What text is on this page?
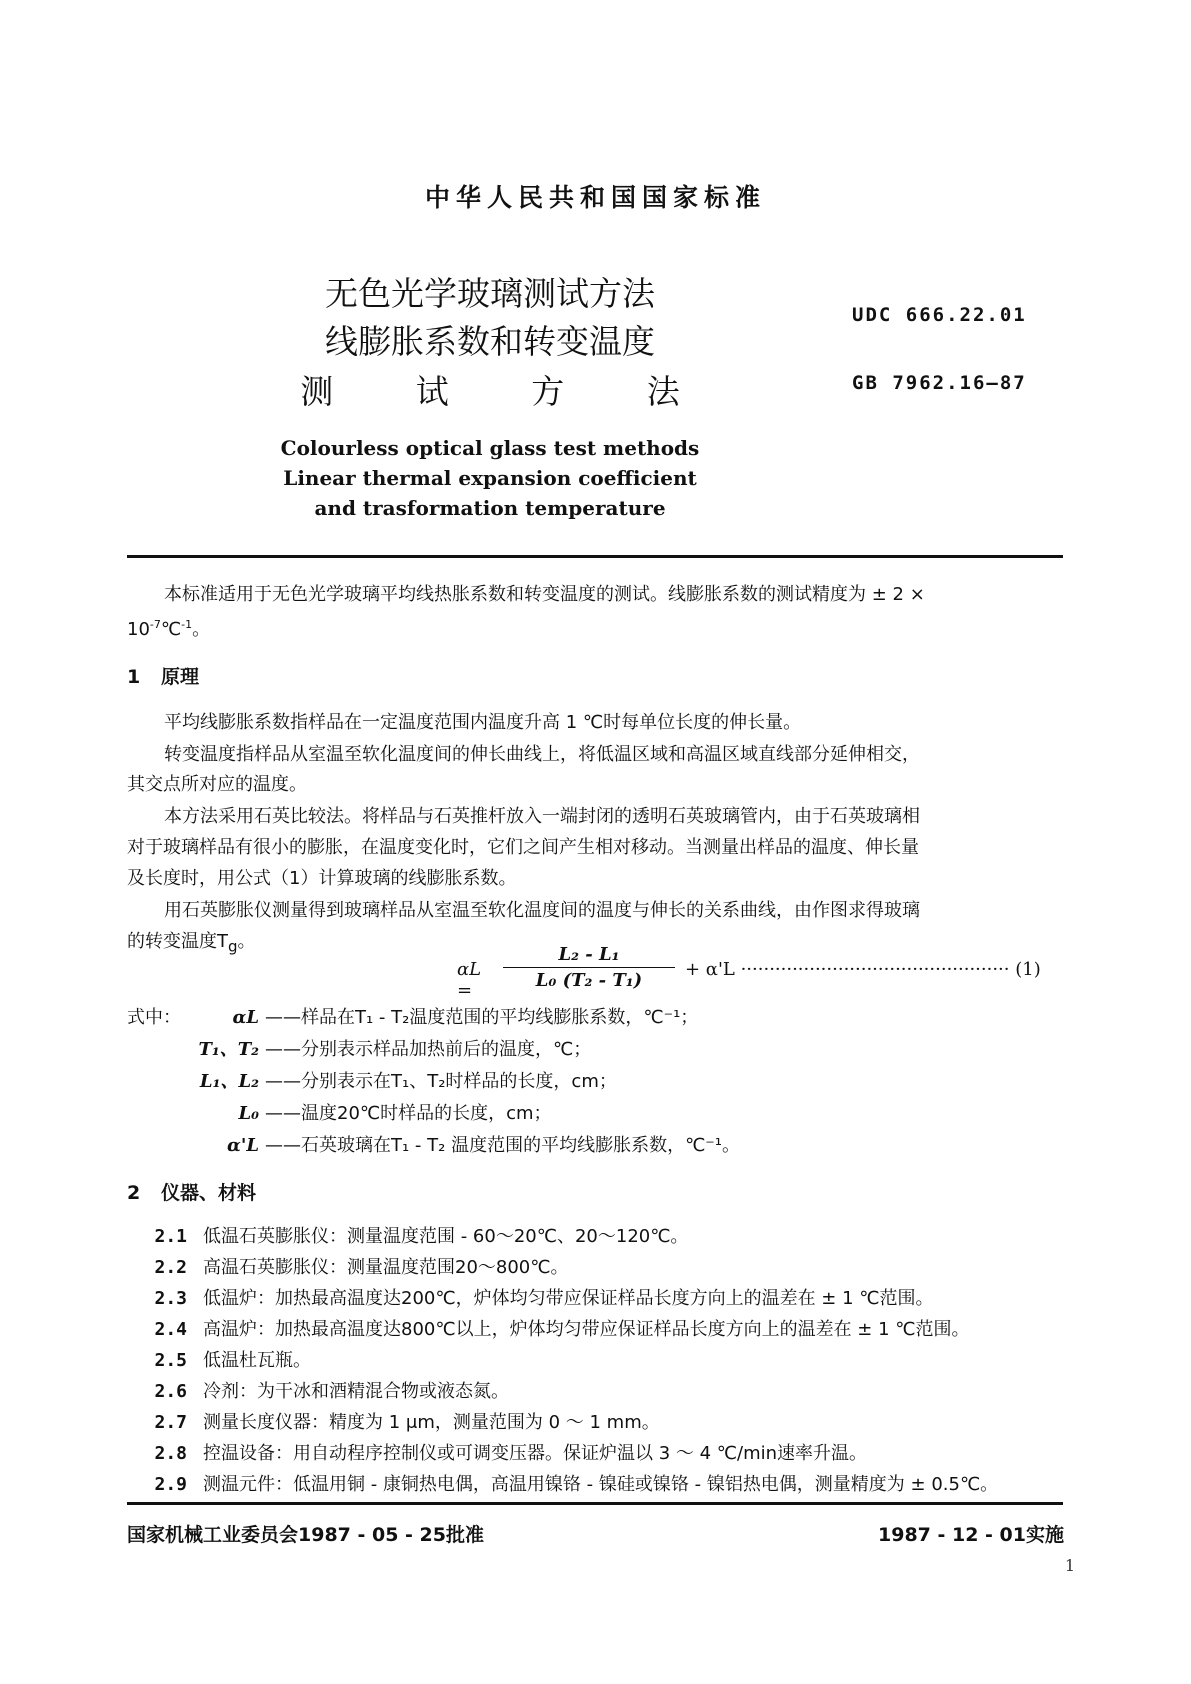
中华人民共和国国家标准
无色光学玻璃测试方法
线膨胀系数和转变温度
测 试 方 法
UDC 666.22.01
GB 7962.16—87
Colourless optical glass test methods
Linear thermal expansion coefficient
and trasformation temperature
本标准适用于无色光学玻璃平均线热胀系数和转变温度的测试。线膨胀系数的测试精度为 ± 2 ×
$10^{-7}℃^{-1}$。
1 原理
平均线膨胀系数指样品在一定温度范围内温度升高 1 ℃时每单位长度的伸长量。
转变温度指样品从室温至软化温度间的伸长曲线上，将低温区域和高温区域直线部分延伸相交，
其交点所对应的温度。
本方法采用石英比较法。将样品与石英推杆放入一端封闭的透明石英玻璃管内，由于石英玻璃相
对于玻璃样品有很小的膨胀，在温度变化时，它们之间产生相对移动。当测量出样品的温度、伸长量
及长度时，用公式（1）计算玻璃的线膨胀系数。
用石英膨胀仪测量得到玻璃样品从室温至软化温度间的温度与伸长的关系曲线，由作图求得玻璃
的转变温度$T_g$。
αL =	$\frac{\text{L₂ - L₁}}{\text{L₀ (T₂ - T₁)}} + \alpha'L$ ··············································· (1)
式中：	αL ——样品在T₁ - T₂温度范围的平均线膨胀系数，℃⁻¹；
T₁、T₂ ——分别表示样品加热前后的温度，℃；
L₁、L₂ ——分别表示在T₁、T₂时样品的长度，cm；
L₀ ——温度20℃时样品的长度，cm；
α'L ——石英玻璃在T₁ - T₂ 温度范围的平均线膨胀系数，℃⁻¹。
2 仪器、材料
2.1 低温石英膨胀仪：测量温度范围 - 60～20℃、20～120℃。
2.2 高温石英膨胀仪：测量温度范围20～800℃。
2.3 低温炉：加热最高温度达200℃，炉体均匀带应保证样品长度方向上的温差在 ± 1 ℃范围。
2.4 高温炉：加热最高温度达800℃以上，炉体均匀带应保证样品长度方向上的温差在 ± 1 ℃范围。
2.5 低温杜瓦瓶。
2.6 冷剂：为干冰和酒精混合物或液态氮。
2.7 测量长度仪器：精度为 1 μm，测量范围为 0 ～ 1 mm。
2.8 控温设备：用自动程序控制仪或可调变压器。保证炉温以 3 ～ 4 ℃/min速率升温。
2.9 测温元件：低温用铜 - 康铜热电偶，高温用镍铬 - 镍硅或镍铬 - 镍铝热电偶，测量精度为 ± 0.5℃。
国家机械工业委员会1987 - 05 - 25批准	1987 - 12 - 01实施
1
